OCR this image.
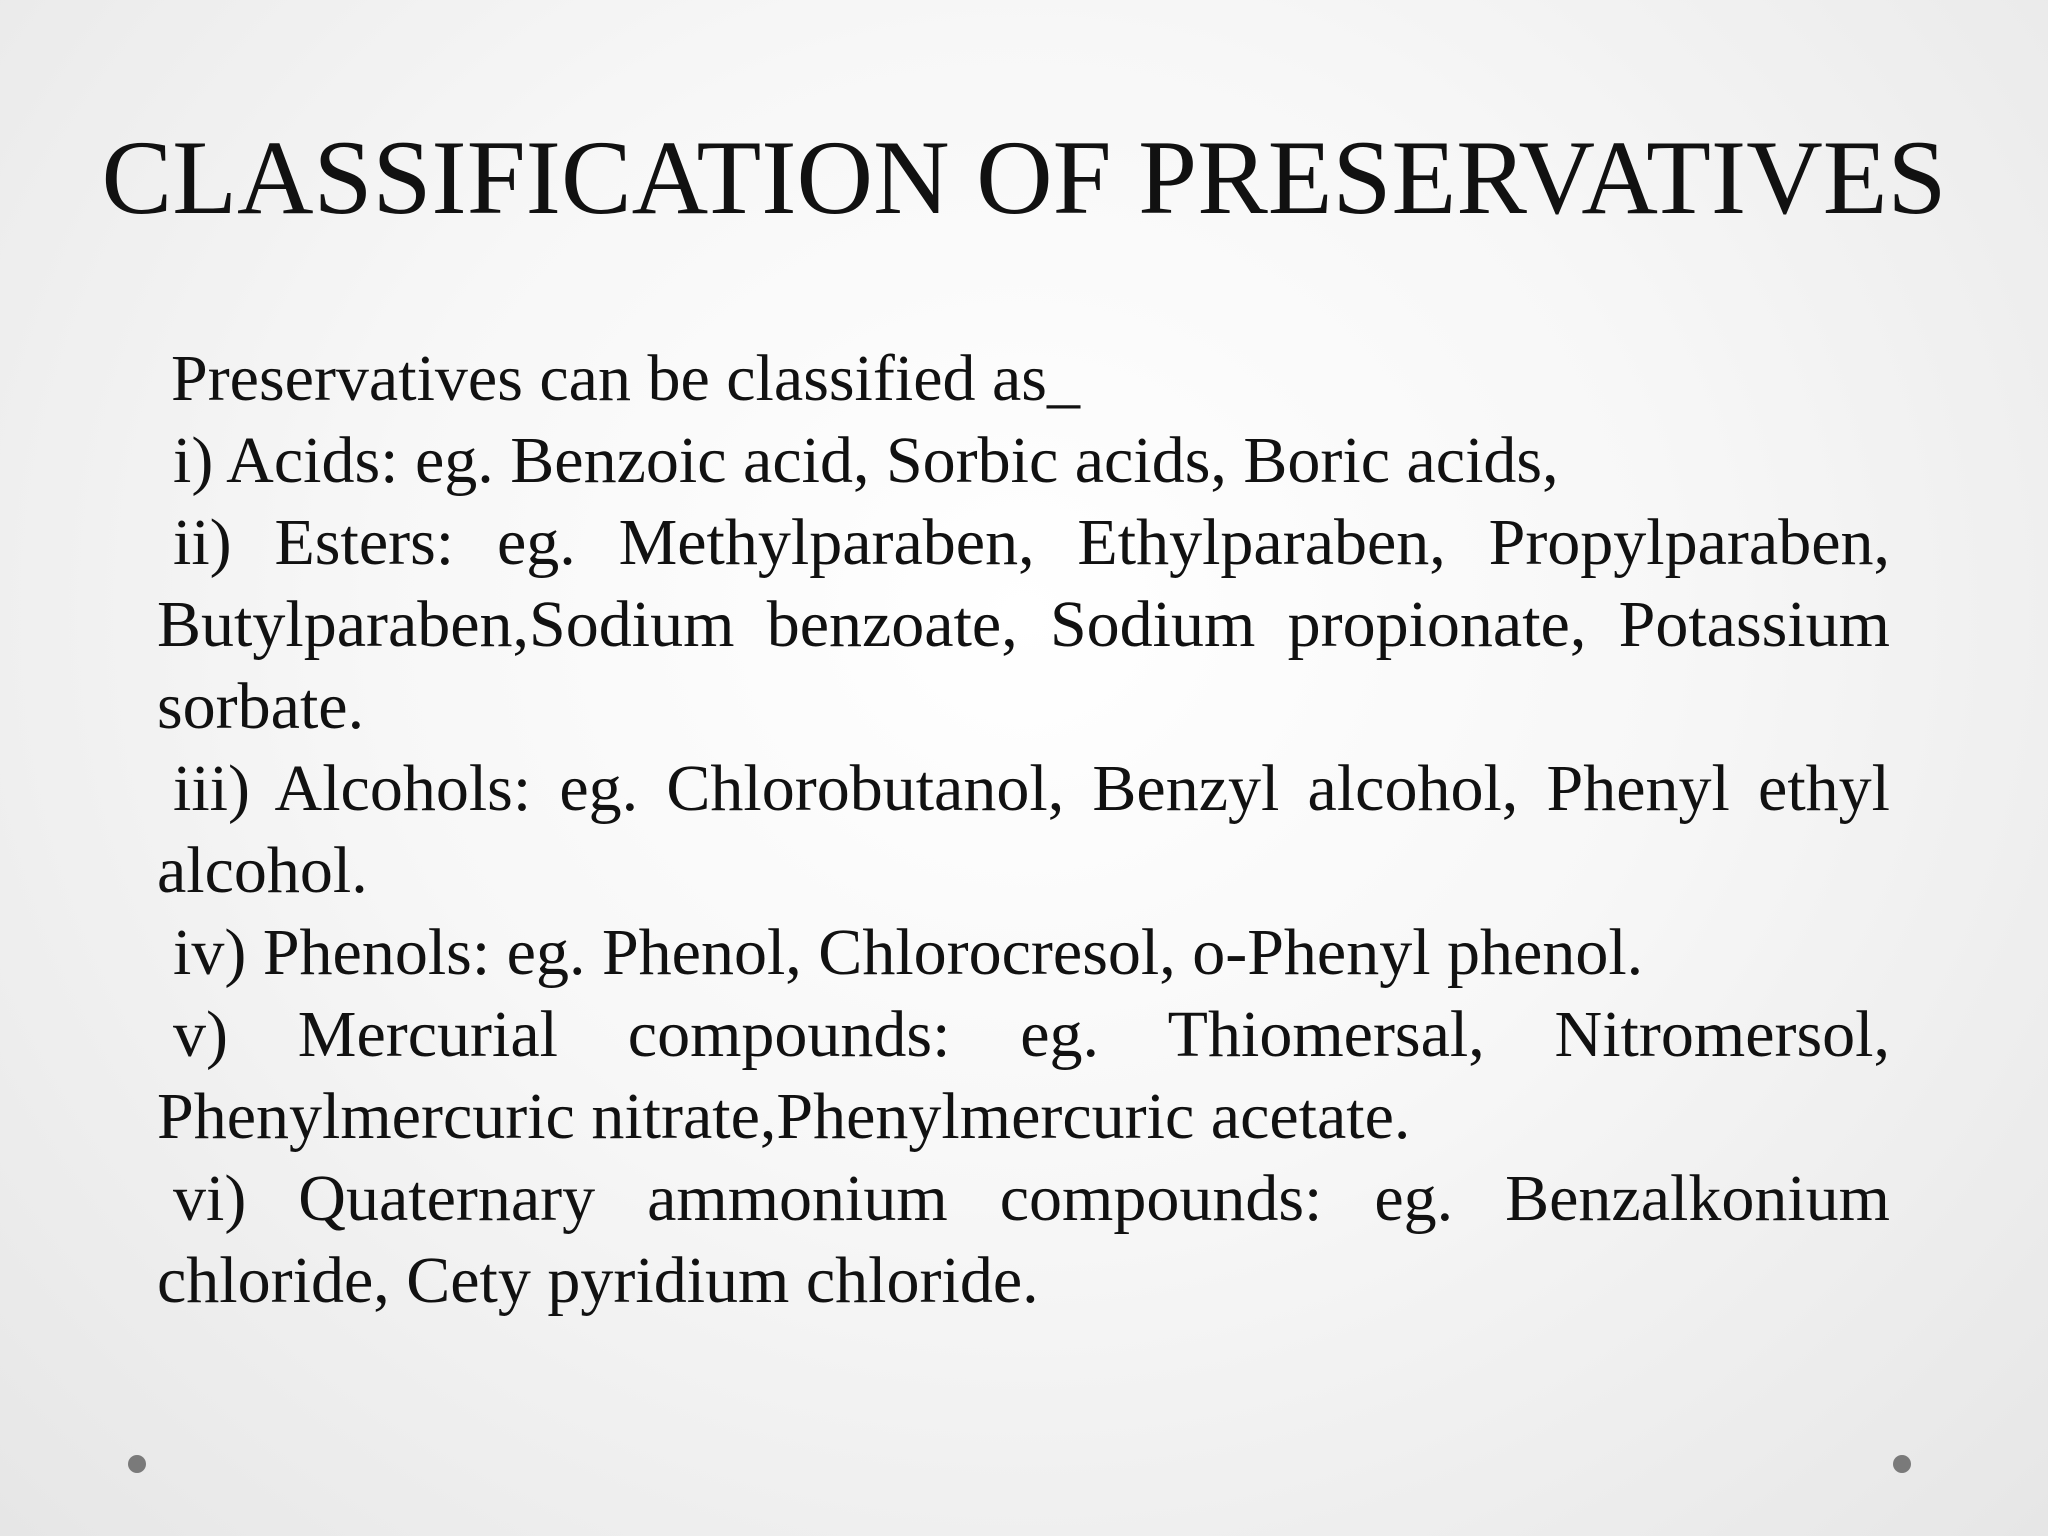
CLASSIFICATION OF PRESERVATIVES

Preservatives can be classified as_

i) Acids: eg. Benzoic acid, Sorbic acids, Boric acids,

ii) Esters: eg. Methylparaben, Ethylparaben, Propylparaben, Butylparaben,Sodium benzoate, Sodium propionate, Potassium sorbate.

iii) Alcohols: eg. Chlorobutanol, Benzyl alcohol, Phenyl ethyl alcohol.

iv) Phenols: eg. Phenol, Chlorocresol, o-Phenyl phenol.

v) Mercurial compounds: eg. Thiomersal, Nitromersol, Phenylmercuric nitrate,Phenylmercuric acetate.

vi) Quaternary ammonium compounds: eg. Benzalkonium chloride, Cety pyridium chloride.
